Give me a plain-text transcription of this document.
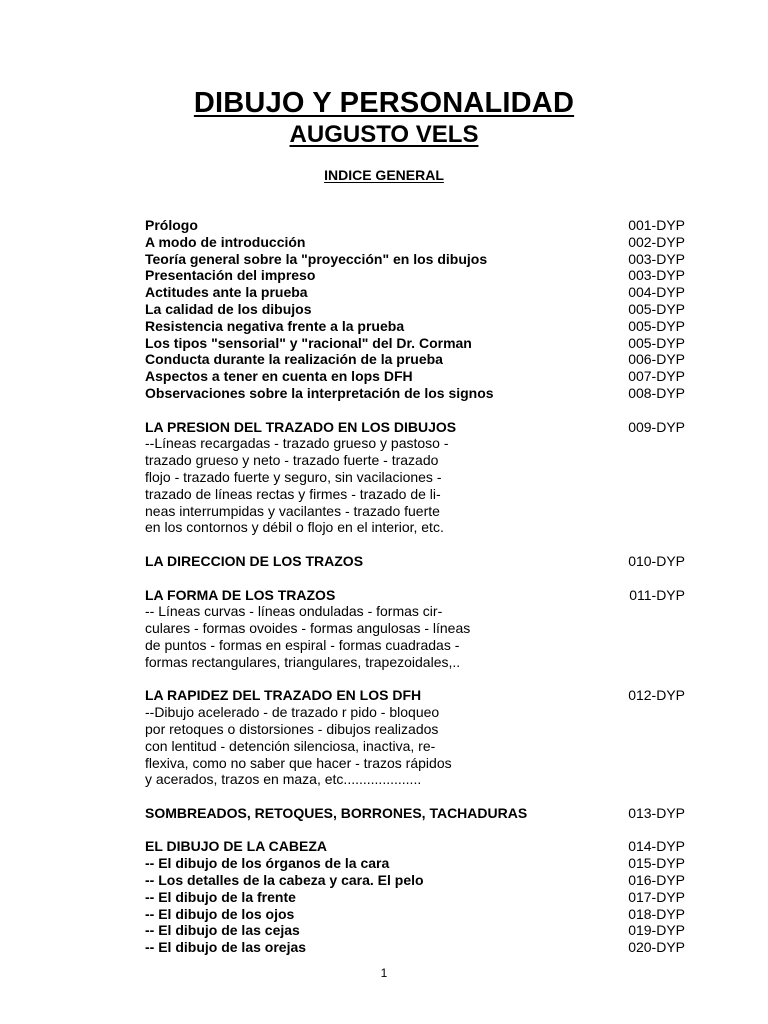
DIBUJO Y PERSONALIDAD
AUGUSTO VELS
INDICE GENERAL
Prólogo	001-DYP
A modo de introducción	002-DYP
Teoría general sobre la "proyección" en los dibujos	003-DYP
Presentación del impreso	003-DYP
Actitudes ante la prueba	004-DYP
La calidad de los dibujos	005-DYP
Resistencia negativa frente a la prueba	005-DYP
Los tipos "sensorial" y "racional" del Dr. Corman	005-DYP
Conducta durante la realización de la prueba	006-DYP
Aspectos a tener en cuenta en lops DFH	007-DYP
Observaciones sobre la interpretación de los signos	008-DYP
LA PRESION DEL TRAZADO EN LOS DIBUJOS	009-DYP
--Líneas recargadas - trazado grueso y pastoso -
trazado grueso y neto - trazado fuerte - trazado
flojo - trazado fuerte y seguro, sin vacilaciones -
trazado de líneas rectas y firmes - trazado de li-
neas interrumpidas y vacilantes - trazado fuerte
en los contornos y débil o flojo en el interior, etc.
LA DIRECCION DE LOS TRAZOS	010-DYP
LA FORMA DE LOS TRAZOS	011-DYP
-- Líneas curvas - líneas onduladas - formas cir-
culares - formas ovoides - formas angulosas - líneas
de puntos - formas en espiral - formas cuadradas -
formas rectangulares, triangulares, trapezoidales,..
LA RAPIDEZ DEL TRAZADO EN LOS DFH	012-DYP
--Dibujo acelerado - de trazado r pido - bloqueo
por retoques o distorsiones - dibujos realizados
con lentitud - detención silenciosa, inactiva, re-
flexiva, como no saber que hacer - trazos rápidos
y acerados, trazos en maza, etc....................
SOMBREADOS, RETOQUES, BORRONES, TACHADURAS	013-DYP
EL DIBUJO DE LA CABEZA	014-DYP
-- El dibujo de los órganos de la cara	015-DYP
-- Los detalles de la cabeza y cara. El pelo	016-DYP
-- El dibujo de la frente	017-DYP
-- El dibujo de los ojos	018-DYP
-- El dibujo de las cejas	019-DYP
-- El dibujo de las orejas	020-DYP
1
